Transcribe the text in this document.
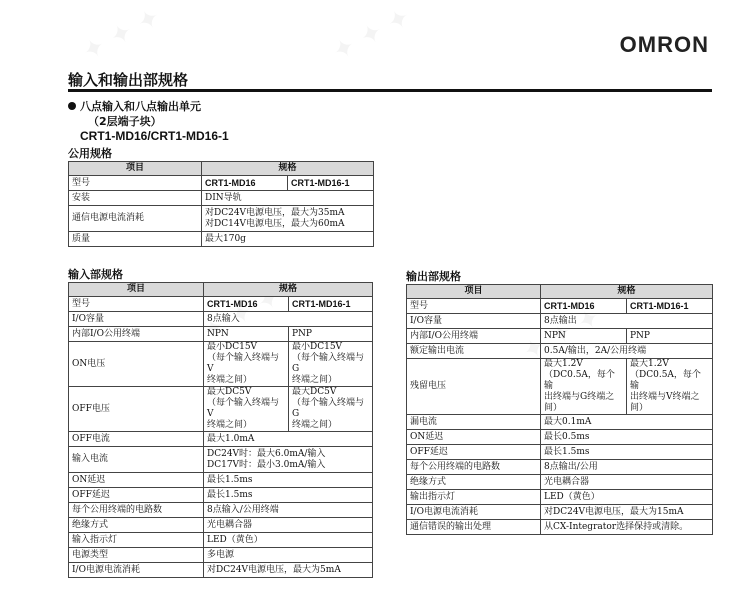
OMRON
输入和输出部规格
八点输入和八点输出单元
（2层端子块）
CRT1-MD16/CRT1-MD16-1
公用规格
项目	规格	
型号	CRT1-MD16	CRT1-MD16-1
安装	DIN导轨	
通信电源电流消耗	对DC24V电源电压，最大为35mA
对DC14V电源电压，最大为60mA	
质量	最大170g	
输入部规格
项目	规格	
型号	CRT1-MD16	CRT1-MD16-1
I/O容量	8点输入	
内部I/O公用终端	NPN	PNP
ON电压	最小DC15V
（每个输入终端与V
终端之间）	最小DC15V
（每个输入终端与G
终端之间）
OFF电压	最大DC5V
（每个输入终端与V
终端之间）	最大DC5V
（每个输入终端与G
终端之间）
OFF电流	最大1.0mA	
输入电流	DC24V时：最大6.0mA/输入
DC17V时：最小3.0mA/输入	
ON延迟	最长1.5ms	
OFF延迟	最长1.5ms	
每个公用终端的电路数	8点输入/公用终端	
绝缘方式	光电耦合器	
输入指示灯	LED（黄色）	
电源类型	多电源	
I/O电源电流消耗	对DC24V电源电压，最大为5mA	
输出部规格
项目	规格	
型号	CRT1-MD16	CRT1-MD16-1
I/O容量	8点输出	
内部I/O公用终端	NPN	PNP
额定输出电流	0.5A/输出，2A/公用终端	
残留电压	最大1.2V
（DC0.5A，每个输
出终端与G终端之
间）	最大1.2V
（DC0.5A，每个输
出终端与V终端之
间）
漏电流	最大0.1mA	
ON延迟	最长0.5ms	
OFF延迟	最长1.5ms	
每个公用终端的电路数	8点输出/公用	
绝缘方式	光电耦合器	
输出指示灯	LED（黄色）	
I/O电源电流消耗	对DC24V电源电压，最大为15mA	
通信错误的输出处理	从CX-Integrator选择保持或清除。	
